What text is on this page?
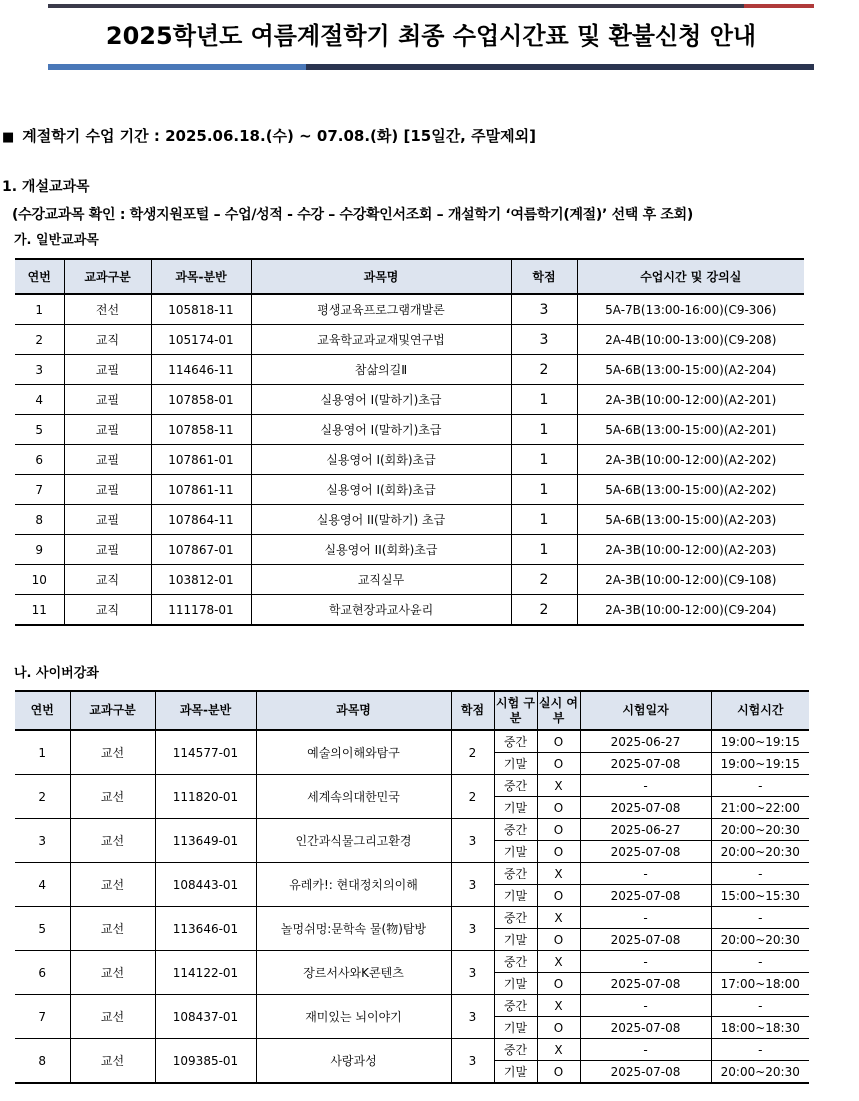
2025학년도 여름계절학기 최종 수업시간표 및 환불신청 안내
■ 계절학기 수업 기간 : 2025.06.18.(수) ~ 07.08.(화) [15일간, 주말제외]
1. 개설교과목
(수강교과목 확인 : 학생지원포털 – 수업/성적 - 수강 – 수강확인서조회 – 개설학기 ‘여름학기(계절)’ 선택 후 조회)
가. 일반교과목
연번	교과구분	과목-분반	과목명	학점	수업시간 및 강의실
1	전선	105818-11	평생교육프로그램개발론	3	5A-7B(13:00-16:00)(C9-306)
2	교직	105174-01	교육학교과교재및연구법	3	2A-4B(10:00-13:00)(C9-208)
3	교필	114646-11	참삶의길Ⅱ	2	5A-6B(13:00-15:00)(A2-204)
4	교필	107858-01	실용영어 I(말하기)초급	1	2A-3B(10:00-12:00)(A2-201)
5	교필	107858-11	실용영어 I(말하기)초급	1	5A-6B(13:00-15:00)(A2-201)
6	교필	107861-01	실용영어 I(회화)초급	1	2A-3B(10:00-12:00)(A2-202)
7	교필	107861-11	실용영어 I(회화)초급	1	5A-6B(13:00-15:00)(A2-202)
8	교필	107864-11	실용영어 II(말하기) 초급	1	5A-6B(13:00-15:00)(A2-203)
9	교필	107867-01	실용영어 II(회화)초급	1	2A-3B(10:00-12:00)(A2-203)
10	교직	103812-01	교직실무	2	2A-3B(10:00-12:00)(C9-108)
11	교직	111178-01	학교현장과교사윤리	2	2A-3B(10:00-12:00)(C9-204)
나. 사이버강좌
연번	교과구분	과목-분반	과목명	학점	시험 구분	실시 여부	시험일자	시험시간
1	교선	114577-01	예술의이해와탐구	2	중간	O	2025-06-27	19:00~19:15
					기말	O	2025-07-08	19:00~19:15
2	교선	111820-01	세계속의대한민국	2	중간	X	-	-
					기말	O	2025-07-08	21:00~22:00
3	교선	113649-01	인간과식물그리고환경	3	중간	O	2025-06-27	20:00~20:30
					기말	O	2025-07-08	20:00~20:30
4	교선	108443-01	유레카!: 현대정치의이해	3	중간	X	-	-
					기말	O	2025-07-08	15:00~15:30
5	교선	113646-01	놀멍쉬멍:문학속 물(物)탐방	3	중간	X	-	-
					기말	O	2025-07-08	20:00~20:30
6	교선	114122-01	장르서사와K콘텐츠	3	중간	X	-	-
					기말	O	2025-07-08	17:00~18:00
7	교선	108437-01	재미있는 뇌이야기	3	중간	X	-	-
					기말	O	2025-07-08	18:00~18:30
8	교선	109385-01	사랑과성	3	중간	X	-	-
					기말	O	2025-07-08	20:00~20:30
